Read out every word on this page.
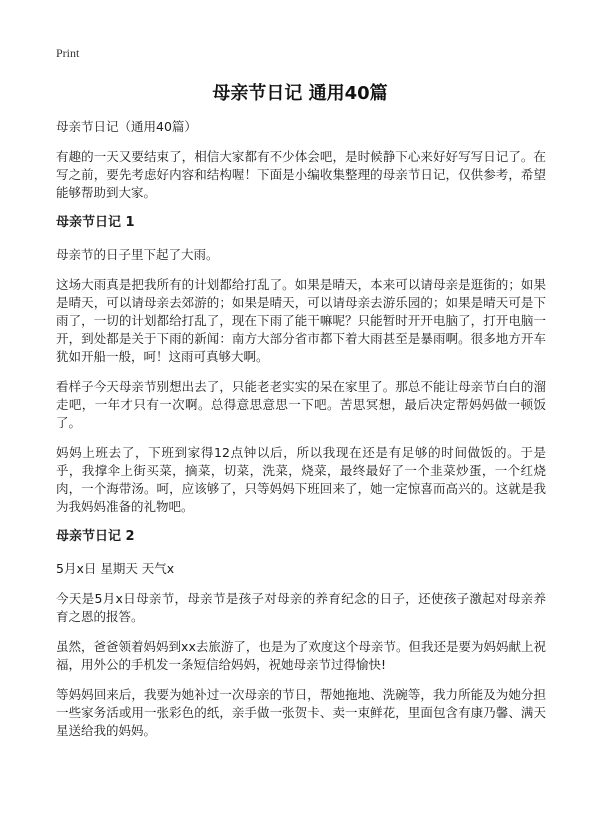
Print
母亲节日记 通用40篇
母亲节日记（通用40篇）

有趣的一天又要结束了，相信大家都有不少体会吧，是时候静下心来好好写写日记了。在写之前，要先考虑好内容和结构喔！下面是小编收集整理的母亲节日记，仅供参考，希望能够帮助到大家。

母亲节日记 1

母亲节的日子里下起了大雨。

这场大雨真是把我所有的计划都给打乱了。如果是晴天，本来可以请母亲是逛街的；如果是晴天，可以请母亲去郊游的；如果是晴天，可以请母亲去游乐园的；如果是晴天可是下雨了，一切的计划都给打乱了，现在下雨了能干嘛呢？只能暂时开开电脑了，打开电脑一开，到处都是关于下雨的新闻：南方大部分省市都下着大雨甚至是暴雨啊。很多地方开车犹如开船一般，呵！这雨可真够大啊。

看样子今天母亲节别想出去了，只能老老实实的呆在家里了。那总不能让母亲节白白的溜走吧，一年才只有一次啊。总得意思意思一下吧。苦思冥想，最后决定帮妈妈做一顿饭了。

妈妈上班去了，下班到家得12点钟以后，所以我现在还是有足够的时间做饭的。于是乎，我撑伞上街买菜，摘菜，切菜，洗菜，烧菜，最终最好了一个韭菜炒蛋，一个红烧肉，一个海带汤。呵，应该够了，只等妈妈下班回来了，她一定惊喜而高兴的。这就是我为我妈妈准备的礼物吧。

母亲节日记 2

5月x日 星期天 天气x

今天是5月x日母亲节，母亲节是孩子对母亲的养育纪念的日子，还使孩子激起对母亲养育之恩的报答。

虽然，爸爸领着妈妈到xx去旅游了，也是为了欢度这个母亲节。但我还是要为妈妈献上祝福，用外公的手机发一条短信给妈妈，祝她母亲节过得愉快!

等妈妈回来后，我要为她补过一次母亲的节日，帮她拖地、洗碗等，我力所能及为她分担一些家务活或用一张彩色的纸，亲手做一张贺卡、卖一束鲜花，里面包含有康乃馨、满天星送给我的妈妈。
